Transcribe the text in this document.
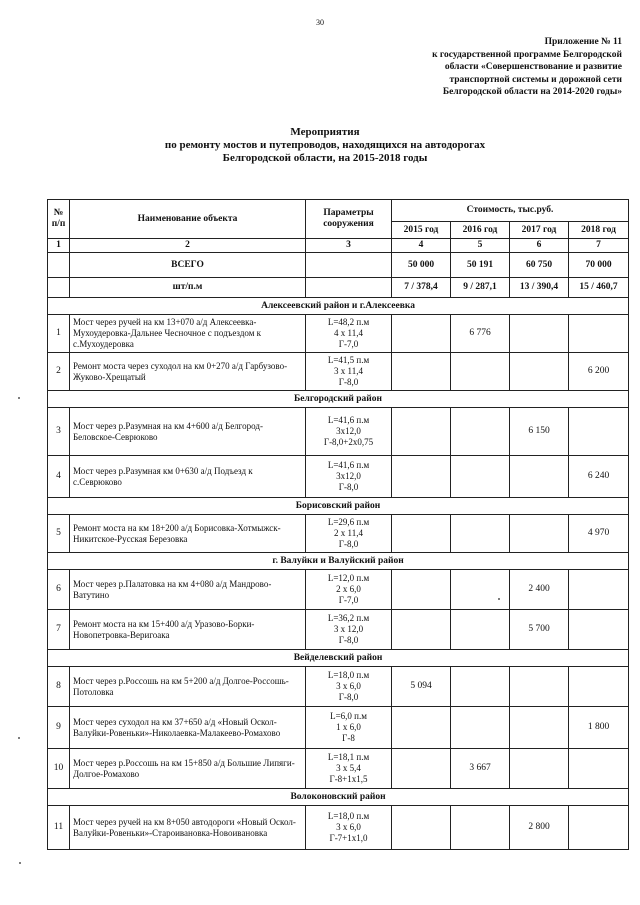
30
Приложение № 11
к государственной программе Белгородской
области «Совершенствование и развитие
транспортной системы и дорожной сети
Белгородской области на 2014-2020 годы»
Мероприятия
по ремонту мостов и путепроводов, находящихся на автодорогах
Белгородской области, на 2015-2018 годы
№ п/п	Наименование объекта	Параметры сооружения	Стоимость, тыс.руб.			
			2015 год	2016 год	2017 год	2018 год
1	2	3	4	5	6	7
	ВСЕГО		50 000	50 191	60 750	70 000
	шт/п.м		7 / 378,4	9 / 287,1	13 / 390,4	15 / 460,7
Алексеевский район и г.Алексеевка						
1	Мост через ручей на км 13+070 а/д Алексеевка-Мухоудеровка-Дальнее Чесночное с подъездом к с.Мухоудеровка	L=48,2 п.м
4 x 11,4
Г-7,0		6 776		
2	Ремонт моста через суходол на км 0+270 а/д Гарбузово-Жуково-Хрещатый	L=41,5 п.м
3 x 11,4
Г-8,0				6 200
Белгородский район						
3	Мост через р.Разумная на км 4+600 а/д Белгород-Беловское-Севрюково	L=41,6 п.м
3x12,0
Г-8,0+2x0,75			6 150	
4	Мост через р.Разумная км 0+630 а/д Подъезд к с.Севрюково	L=41,6 п.м
3x12,0
Г-8,0				6 240
Борисовский район						
5	Ремонт моста на км 18+200 а/д Борисовка-Хотмыжск-Никитское-Русская Березовка	L=29,6 п.м
2 x 11,4
Г-8,0				4 970
г. Валуйки и Валуйский район						
6	Мост через р.Палатовка на км 4+080 а/д Мандрово-Ватутино	L=12,0 п.м
2 x 6,0
Г-7,0			2 400	
7	Ремонт моста на км 15+400 а/д Уразово-Борки-Новопетровка-Веригоака	L=36,2 п.м
3 x 12,0
Г-8,0			5 700	
Вейделевский район						
8	Мост через р.Россошь на км 5+200 а/д Долгое-Россошь-Потоловка	L=18,0 п.м
3 x 6,0
Г-8,0	5 094			
9	Мост через суходол на км 37+650 а/д «Новый Оскол-Валуйки-Ровеньки»-Николаевка-Малакеево-Ромахово	L=6,0 п.м
1 x 6,0
Г-8				1 800
10	Мост через р.Россошь на км 15+850 а/д Большие Липяги-Долгое-Ромахово	L=18,1 п.м
3 x 5,4
Г-8+1x1,5		3 667		
Волоконовский район						
11	Мост через ручей на км 8+050 автодороги «Новый Оскол-Валуйки-Ровеньки»-Староивановка-Новоивановка	L=18,0 п.м
3 x 6,0
Г-7+1x1,0			2 800	
